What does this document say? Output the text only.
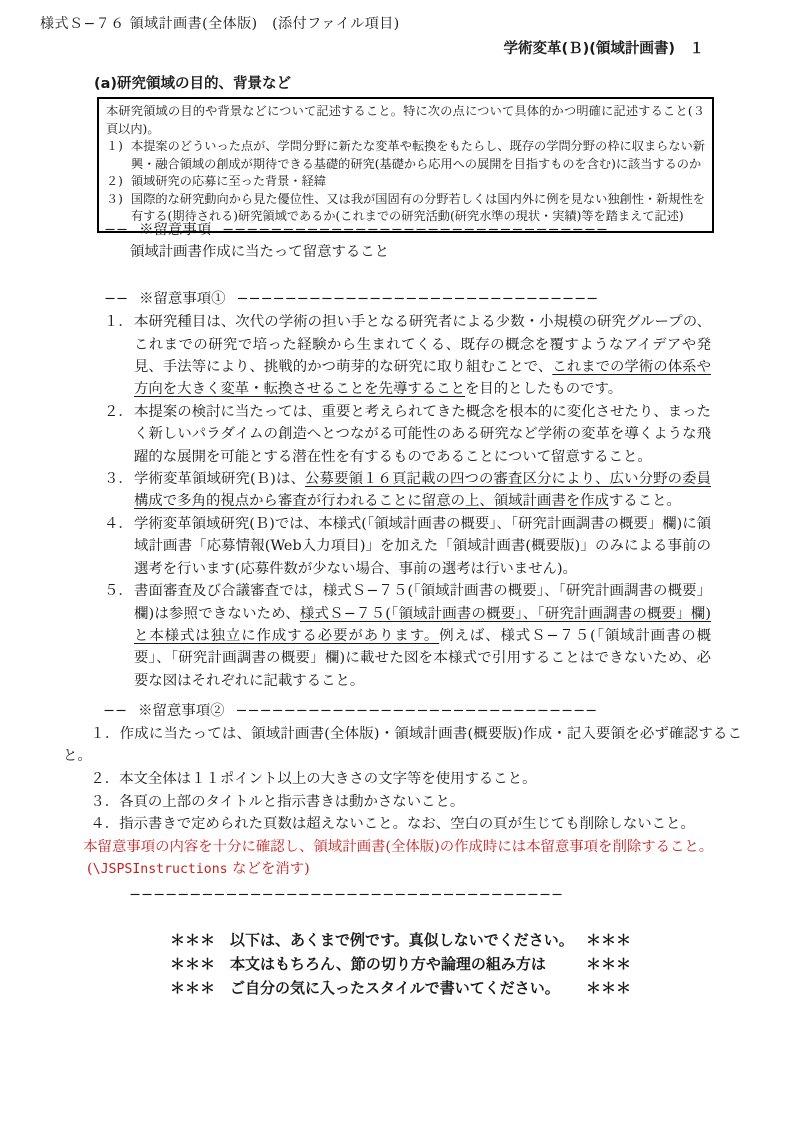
様式Ｓ−７６ 領域計画書(全体版)　(添付ファイル項目)
学術変革(Ｂ)(領域計画書)　１
(a)研究領域の目的、背景など
本研究領域の目的や背景などについて記述すること。特に次の点について具体的かつ明確に記述すること(３頁以内)。
１) 本提案のどういった点が、学問分野に新たな変革や転換をもたらし、既存の学問分野の枠に収まらない新興・融合領域の創成が期待できる基礎的研究(基礎から応用への展開を目指すものを含む)に該当するのか
２) 領域研究の応募に至った背景・経緯
３) 国際的な研究動向から見た優位性、又は我が国固有の分野若しくは国内外に例を見ない独創性・新規性を有する(期待される)研究領域であるか(これまでの研究活動(研究水準の現状・実績)等を踏まえて記述)
−− ※留意事項 −−−−−−−−−−−−−−−−−−−−−−−−−−−−−−−−
領域計画書作成に当たって留意すること
−− ※留意事項① −−−−−−−−−−−−−−−−−−−−−−−−−−−−−−
１． 本研究種目は、次代の学術の担い手となる研究者による少数・小規模の研究グループの、これまでの研究で培った経験から生まれてくる、既存の概念を覆すようなアイデアや発見、手法等により、挑戦的かつ萌芽的な研究に取り組むことで、これまでの学術の体系や方向を大きく変革・転換させることを先導することを目的としたものです。
２． 本提案の検討に当たっては、重要と考えられてきた概念を根本的に変化させたり、まったく新しいパラダイムの創造へとつながる可能性のある研究など学術の変革を導くような飛躍的な展開を可能とする潜在性を有するものであることについて留意すること。
３． 学術変革領域研究(Ｂ)は、公募要領１６頁記載の四つの審査区分により、広い分野の委員構成で多角的視点から審査が行われることに留意の上、領域計画書を作成すること。
４． 学術変革領域研究(Ｂ)では、本様式(「領域計画書の概要」、「研究計画調書の概要」欄)に領域計画書「応募情報(Web入力項目)」を加えた「領域計画書(概要版)」のみによる事前の選考を行います(応募件数が少ない場合、事前の選考は行いません)。
５． 書面審査及び合議審査では，様式Ｓ−７５(「領域計画書の概要」、「研究計画調書の概要」欄)は参照できないため、様式Ｓ−７５(「領域計画書の概要」、「研究計画調書の概要」欄)と本様式は独立に作成する必要があります。例えば、様式Ｓ−７５(「領域計画書の概要」、「研究計画調書の概要」欄)に載せた図を本様式で引用することはできないため、必要な図はそれぞれに記載すること。
−− ※留意事項② −−−−−−−−−−−−−−−−−−−−−−−−−−−−−−

１．作成に当たっては、領域計画書(全体版)・領域計画書(概要版)作成・記入要領を必ず確認すること。

２．本文全体は１１ポイント以上の大きさの文字等を使用すること。

３．各頁の上部のタイトルと指示書きは動かさないこと。

４．指示書きで定められた頁数は超えないこと。なお、空白の頁が生じても削除しないこと。

本留意事項の内容を十分に確認し、領域計画書(全体版)の作成時には本留意事項を削除すること。

(\JSPSInstructions などを消す)
−−−−−−−−−−−−−−−−−−−−−−−−−−−−−−−−−−−−
＊＊＊ 以下は、あくまで例です。真似しないでください。 ＊＊＊
＊＊＊ 本文はもちろん、節の切り方や論理の組み方は	＊＊＊
＊＊＊ ご自分の気に入ったスタイルで書いてください。	＊＊＊
